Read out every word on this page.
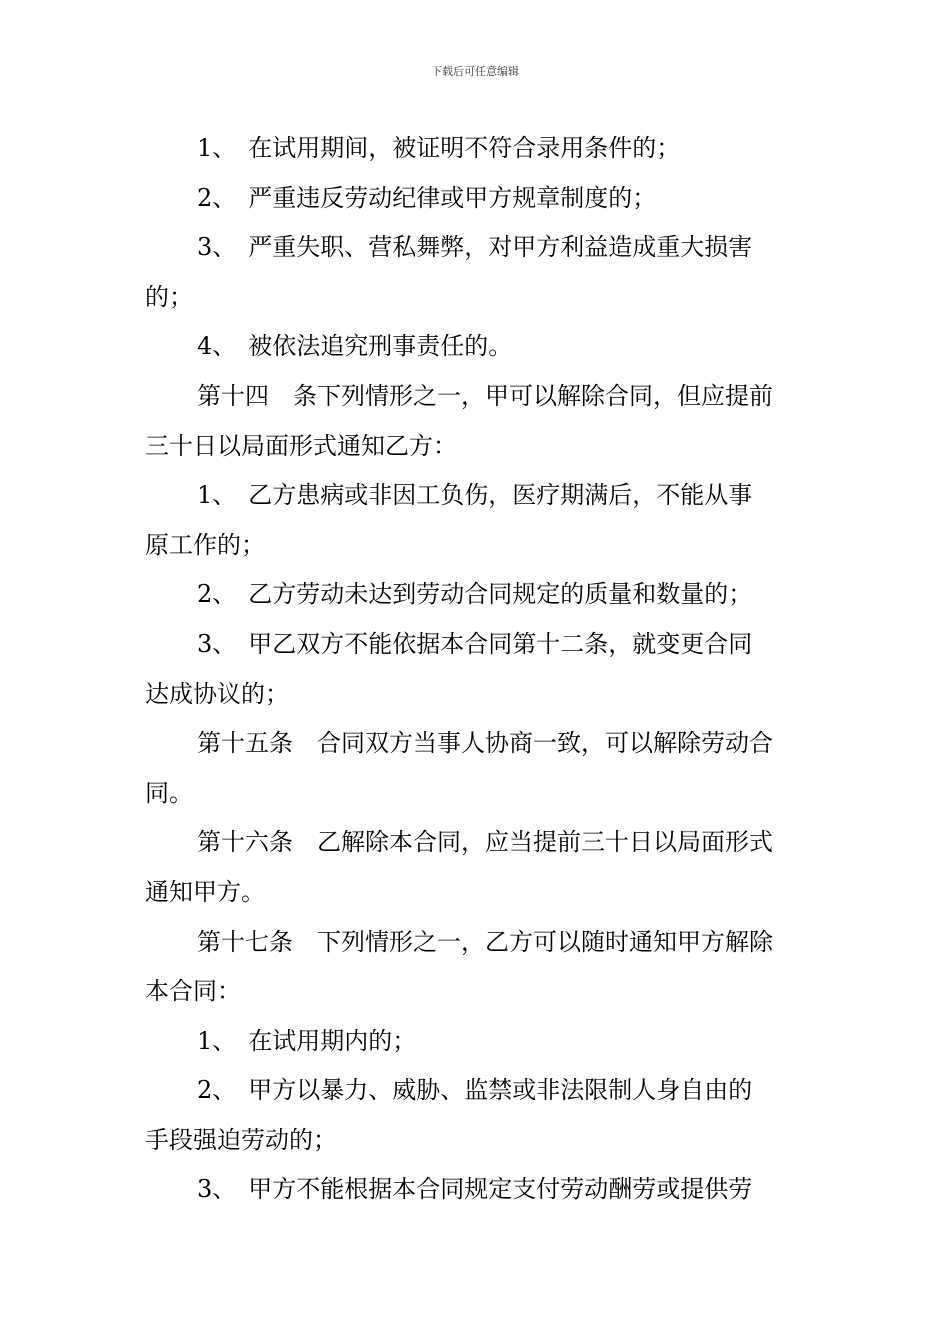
下载后可任意编辑
1、　在试用期间，被证明不符合录用条件的；
2、　严重违反劳动纪律或甲方规章制度的；
3、　严重失职、营私舞弊，对甲方利益造成重大损害
的；
4、　被依法追究刑事责任的。
第十四　条下列情形之一，甲可以解除合同，但应提前
三十日以局面形式通知乙方：
1、　乙方患病或非因工负伤，医疗期满后，不能从事
原工作的；
2、　乙方劳动未达到劳动合同规定的质量和数量的；
3、　甲乙双方不能依据本合同第十二条，就变更合同
达成协议的；
第十五条　合同双方当事人协商一致，可以解除劳动合
同。
第十六条　乙解除本合同，应当提前三十日以局面形式
通知甲方。
第十七条　下列情形之一，乙方可以随时通知甲方解除
本合同：
1、　在试用期内的；
2、　甲方以暴力、威胁、监禁或非法限制人身自由的
手段强迫劳动的；
3、　甲方不能根据本合同规定支付劳动酬劳或提供劳
